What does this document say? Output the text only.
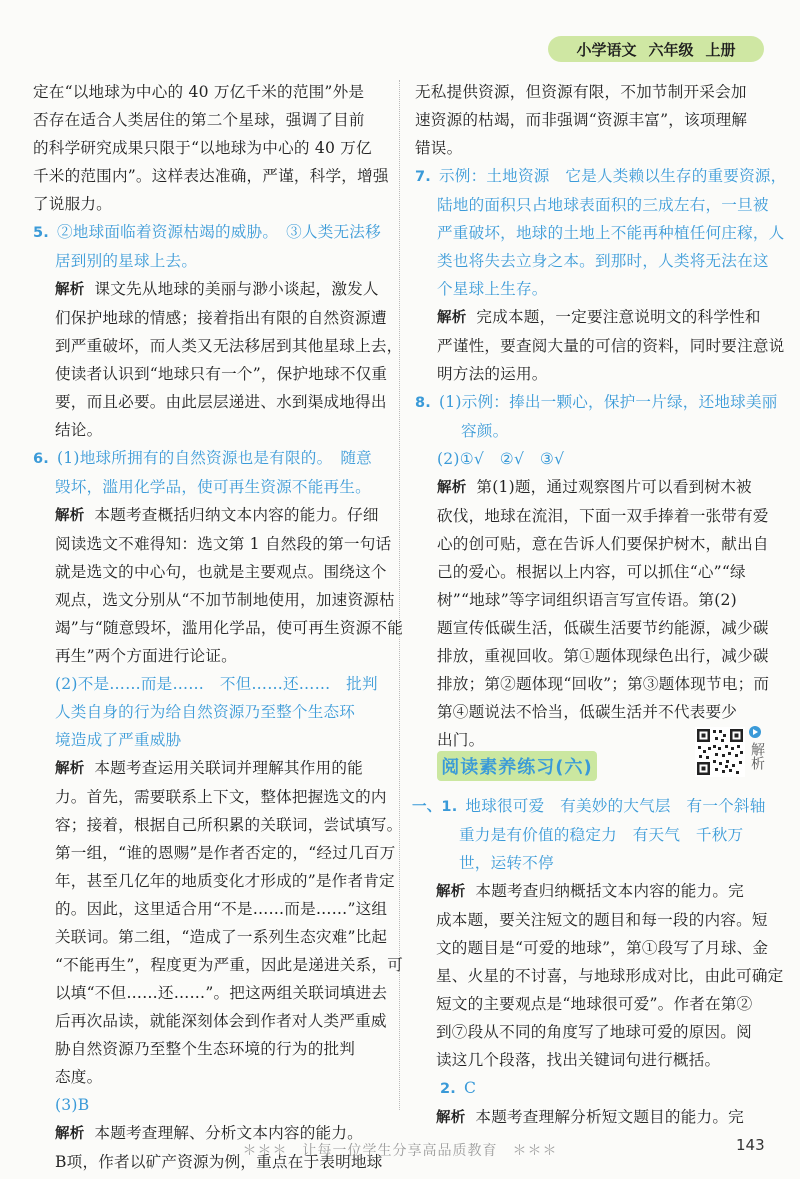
小学语文 六年级 上册
定在“以地球为中心的 40 万亿千米的范围”外是
否存在适合人类居住的第二个星球，强调了目前
的科学研究成果只限于“以地球为中心的 40 万亿
千米的范围内”。这样表达准确，严谨，科学，增强
了说服力。
5.  ②地球面临着资源枯竭的威胁。　③人类无法移
居到别的星球上去。
解析 课文先从地球的美丽与渺小谈起，激发人
们保护地球的情感；接着指出有限的自然资源遭
到严重破坏，而人类又无法移居到其他星球上去，
使读者认识到“地球只有一个”，保护地球不仅重
要，而且必要。由此层层递进、水到渠成地得出
结论。
6.  (1)地球所拥有的自然资源也是有限的。　随意
毁坏，滥用化学品，使可再生资源不能再生。
解析 本题考查概括归纳文本内容的能力。仔细
阅读选文不难得知：选文第 1 自然段的第一句话
就是选文的中心句，也就是主要观点。围绕这个
观点，选文分别从“不加节制地使用，加速资源枯
竭”与“随意毁坏，滥用化学品，使可再生资源不能
再生”两个方面进行论证。
(2)不是……而是……　不但……还……　批判
人类自身的行为给自然资源乃至整个生态环
境造成了严重威胁
解析 本题考查运用关联词并理解其作用的能
力。首先，需要联系上下文，整体把握选文的内
容；接着，根据自己所积累的关联词，尝试填写。
第一组，“谁的恩赐”是作者否定的，“经过几百万
年，甚至几亿年的地质变化才形成的”是作者肯定
的。因此，这里适合用“不是……而是……”这组
关联词。第二组，“造成了一系列生态灾难”比起
“不能再生”，程度更为严重，因此是递进关系，可
以填“不但……还……”。把这两组关联词填进去
后再次品读，就能深刻体会到作者对人类严重威
胁自然资源乃至整个生态环境的行为的批判
态度。
(3)B
解析 本题考查理解、分析文本内容的能力。
B项，作者以矿产资源为例，重点在于表明地球
无私提供资源，但资源有限，不加节制开采会加
速资源的枯竭，而非强调“资源丰富”，该项理解
错误。
7.  示例：土地资源　它是人类赖以生存的重要资源，
陆地的面积只占地球表面积的三成左右，一旦被
严重破坏，地球的土地上不能再种植任何庄稼，人
类也将失去立身之本。到那时，人类将无法在这
个星球上生存。
解析 完成本题，一定要注意说明文的科学性和
严谨性，要查阅大量的可信的资料，同时要注意说
明方法的运用。
8.  (1)示例：捧出一颗心，保护一片绿，还地球美丽
容颜。
(2)①√　②√　③√
解析 第(1)题，通过观察图片可以看到树木被
砍伐，地球在流泪，下面一双手捧着一张带有爱
心的创可贴，意在告诉人们要保护树木，献出自
己的爱心。根据以上内容，可以抓住“心”“绿
树”“地球”等字词组织语言写宣传语。第(2)
题宣传低碳生活，低碳生活要节约能源，减少碳
排放，重视回收。第①题体现绿色出行，减少碳
排放；第②题体现“回收”；第③题体现节电；而
第④题说法不恰当，低碳生活并不代表要少
出门。
阅读素养练习(六)	解析
一、1.  地球很可爱　有美妙的大气层　有一个斜轴
重力是有价值的稳定力　有天气　千秋万
世，运转不停
解析 本题考查归纳概括文本内容的能力。完
成本题，要关注短文的题目和每一段的内容。短
文的题目是“可爱的地球”，第①段写了月球、金
星、火星的不讨喜，与地球形成对比，由此可确定
短文的主要观点是“地球很可爱”。作者在第②
到⑦段从不同的角度写了地球可爱的原因。阅
读这几个段落，找出关键词句进行概括。
2.  C
解析 本题考查理解分析短文题目的能力。完
＊＊＊　让每一位学生分享高品质教育　＊＊＊	143
